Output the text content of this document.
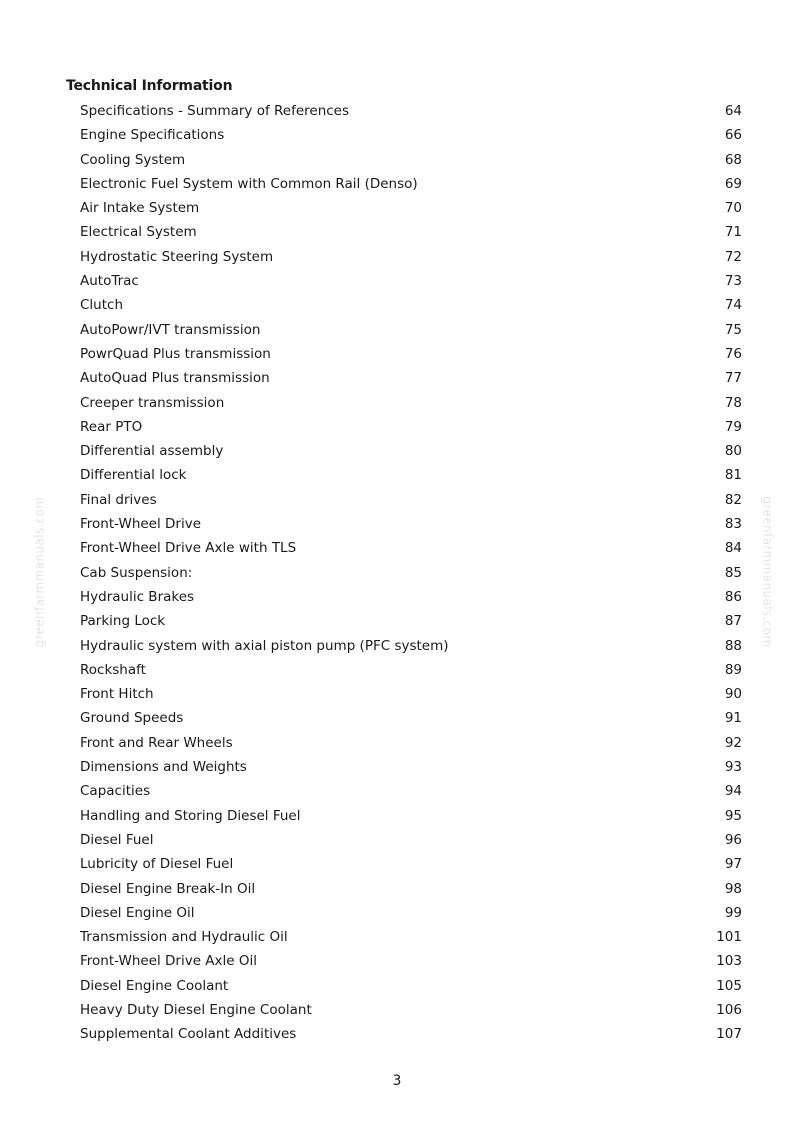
greenfarmmanuals.com	greenfarmmanuals.com
Technical Information
Specifications - Summary of References	64
Engine Specifications	66
Cooling System	68
Electronic Fuel System with Common Rail (Denso)	69
Air Intake System	70
Electrical System	71
Hydrostatic Steering System	72
AutoTrac	73
Clutch	74
AutoPowr/IVT transmission	75
PowrQuad Plus transmission	76
AutoQuad Plus transmission	77
Creeper transmission	78
Rear PTO	79
Differential assembly	80
Differential lock	81
Final drives	82
Front-Wheel Drive	83
Front-Wheel Drive Axle with TLS	84
Cab Suspension:	85
Hydraulic Brakes	86
Parking Lock	87
Hydraulic system with axial piston pump (PFC system)	88
Rockshaft	89
Front Hitch	90
Ground Speeds	91
Front and Rear Wheels	92
Dimensions and Weights	93
Capacities	94
Handling and Storing Diesel Fuel	95
Diesel Fuel	96
Lubricity of Diesel Fuel	97
Diesel Engine Break-In Oil	98
Diesel Engine Oil	99
Transmission and Hydraulic Oil	101
Front-Wheel Drive Axle Oil	103
Diesel Engine Coolant	105
Heavy Duty Diesel Engine Coolant	106
Supplemental Coolant Additives	107
3
